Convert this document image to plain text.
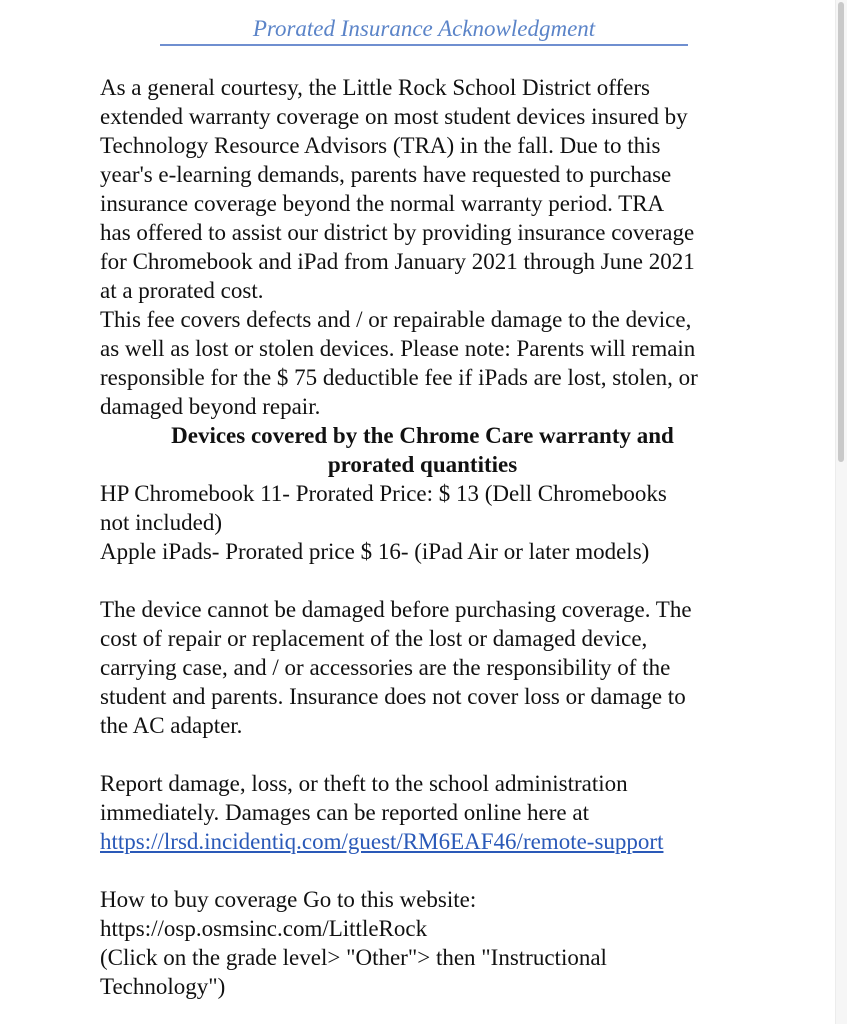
Prorated Insurance Acknowledgment

As a general courtesy, the Little Rock School District offers

extended warranty coverage on most student devices insured by

Technology Resource Advisors (TRA) in the fall. Due to this

year's e-learning demands, parents have requested to purchase

insurance coverage beyond the normal warranty period. TRA

has offered to assist our district by providing insurance coverage

for Chromebook and iPad from January 2021 through June 2021

at a prorated cost.

This fee covers defects and / or repairable damage to the device,

as well as lost or stolen devices. Please note: Parents will remain

responsible for the $ 75 deductible fee if iPads are lost, stolen, or

damaged beyond repair.

Devices covered by the Chrome Care warranty and

prorated quantities

HP Chromebook 11- Prorated Price: $ 13 (Dell Chromebooks

not included)

Apple iPads- Prorated price $ 16- (iPad Air or later models)

The device cannot be damaged before purchasing coverage. The

cost of repair or replacement of the lost or damaged device,

carrying case, and / or accessories are the responsibility of the

student and parents. Insurance does not cover loss or damage to

the AC adapter.

Report damage, loss, or theft to the school administration

immediately. Damages can be reported online here at

https://lrsd.incidentiq.com/guest/RM6EAF46/remote-support

How to buy coverage Go to this website:

https://osp.osmsinc.com/LittleRock

(Click on the grade level> "Other"> then "Instructional

Technology")
